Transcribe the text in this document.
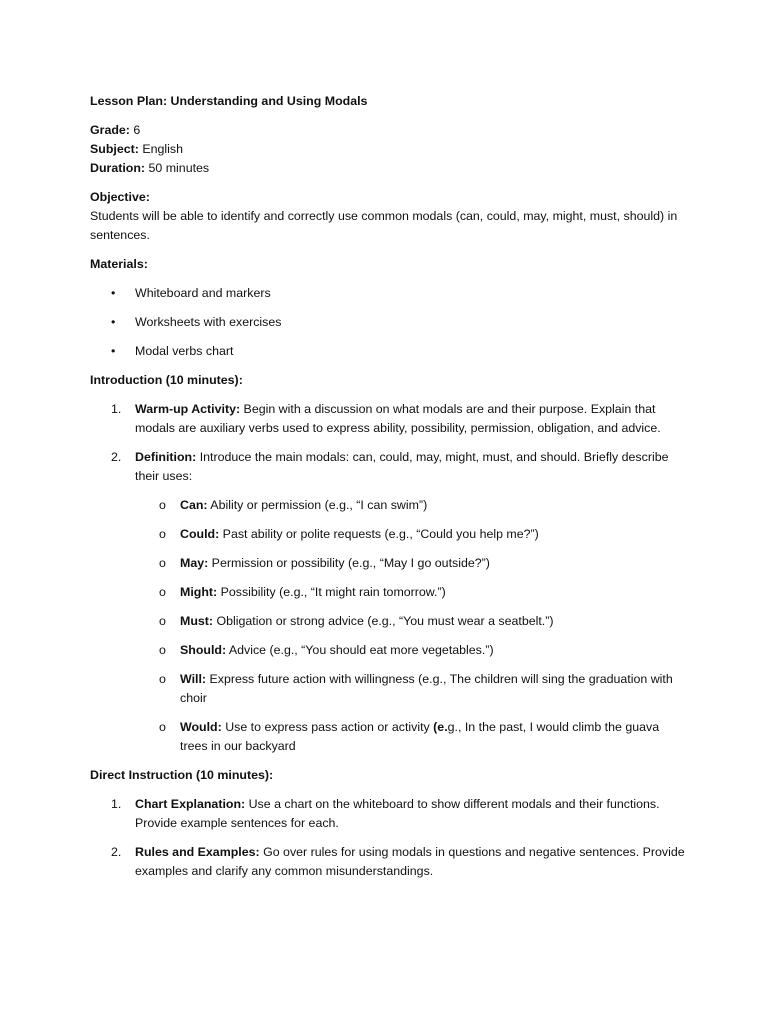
Lesson Plan: Understanding and Using Modals

Grade: 6

Subject: English

Duration: 50 minutes

Objective:

Students will be able to identify and correctly use common modals (can, could, may, might, must, should) in sentences.

Materials:

• Whiteboard and markers
• Worksheets with exercises
• Modal verbs chart

Introduction (10 minutes):

1. Warm-up Activity: Begin with a discussion on what modals are and their purpose. Explain that modals are auxiliary verbs used to express ability, possibility, permission, obligation, and advice.
2. Definition: Introduce the main modals: can, could, may, might, must, and should. Briefly describe their uses:
o Can: Ability or permission (e.g., “I can swim”)
o Could: Past ability or polite requests (e.g., “Could you help me?”)
o May: Permission or possibility (e.g., “May I go outside?”)
o Might: Possibility (e.g., “It might rain tomorrow.”)
o Must: Obligation or strong advice (e.g., “You must wear a seatbelt.”)
o Should: Advice (e.g., “You should eat more vegetables.”)
o Will: Express future action with willingness (e.g., The children will sing the graduation with choir
o Would: Use to express pass action or activity (e.g., In the past, I would climb the guava trees in our backyard

Direct Instruction (10 minutes):

1. Chart Explanation: Use a chart on the whiteboard to show different modals and their functions. Provide example sentences for each.
2. Rules and Examples: Go over rules for using modals in questions and negative sentences. Provide examples and clarify any common misunderstandings.
